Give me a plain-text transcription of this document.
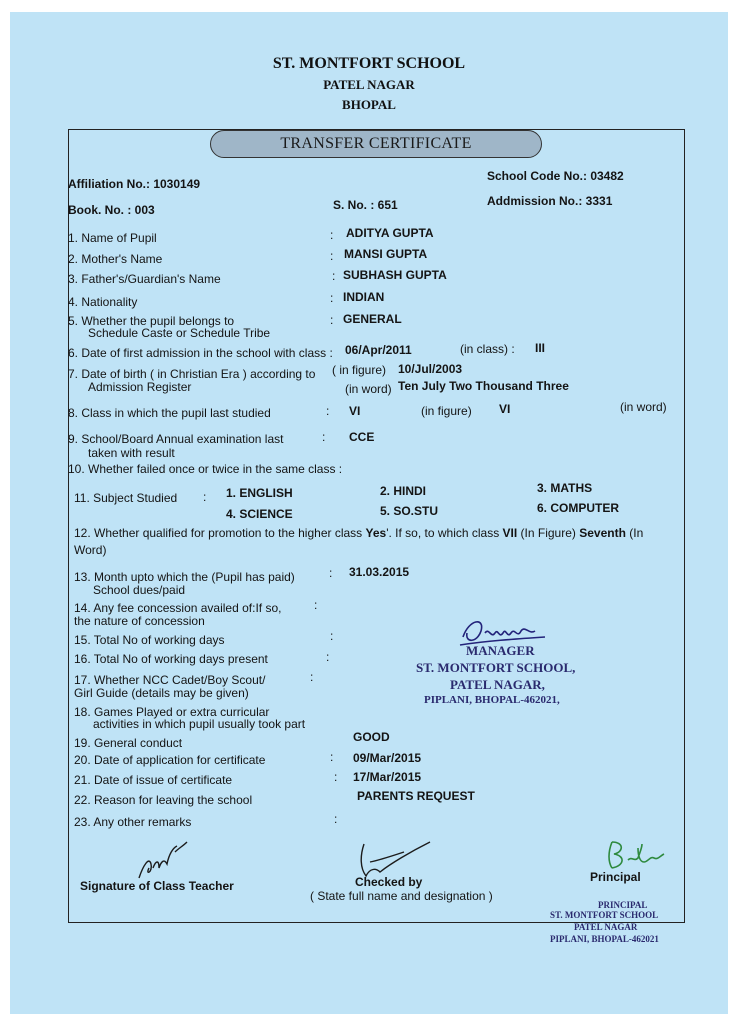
ST. MONTFORT SCHOOL
PATEL NAGAR
BHOPAL
TRANSFER CERTIFICATE
Affiliation No.: 1030149
School Code No.: 03482
Book. No. : 003	S. No. : 651	Addmission No.: 3331
1. Name of Pupil	: ADITYA GUPTA
2. Mother's Name	: MANSI GUPTA
3. Father's/Guardian's Name	: SUBHASH GUPTA
4. Nationality	: INDIAN
5. Whether the pupil belongs to
Schedule Caste or Schedule Tribe
: GENERAL
6. Date of first admission in the school with class : 06/Apr/2011	(in class) : III
7. Date of birth ( in Christian Era ) according to
Admission Register
( in figure) 10/Jul/2003
(in word) Ten July Two Thousand Three
8. Class in which the pupil last studied	: VI	(in figure) VI	(in word)
9. School/Board Annual examination last
taken with result
: CCE
10. Whether failed once or twice in the same class :
11. Subject Studied : 1. ENGLISH	2. HINDI	3. MATHS
4. SCIENCE	5. SO.STU	6. COMPUTER
12. Whether qualified for promotion to the higher class Yes'. If so, to which class VII (In Figure) Seventh (In
Word)
13. Month upto which the (Pupil has paid)
School dues/paid
: 31.03.2015
14. Any fee concession availed of:If so,
the nature of concession
:
15. Total No of working days	:
16. Total No of working days present	:
17. Whether NCC Cadet/Boy Scout/
Girl Guide (details may be given)
:
18. Games Played or extra curricular
activities in which pupil usually took part
19. General conduct	GOOD
20. Date of application for certificate	: 09/Mar/2015
21. Date of issue of certificate	: 17/Mar/2015
22. Reason for leaving the school	PARENTS REQUEST
23. Any other remarks	:
MANAGER
ST. MONTFORT SCHOOL,
PATEL NAGAR,
PIPLANI, BHOPAL-462021,
Signature of Class Teacher	Checked by
( State full name and designation )
Principal
PRINCIPAL
ST. MONTFORT SCHOOL
PATEL NAGAR
PIPLANI, BHOPAL-462021
